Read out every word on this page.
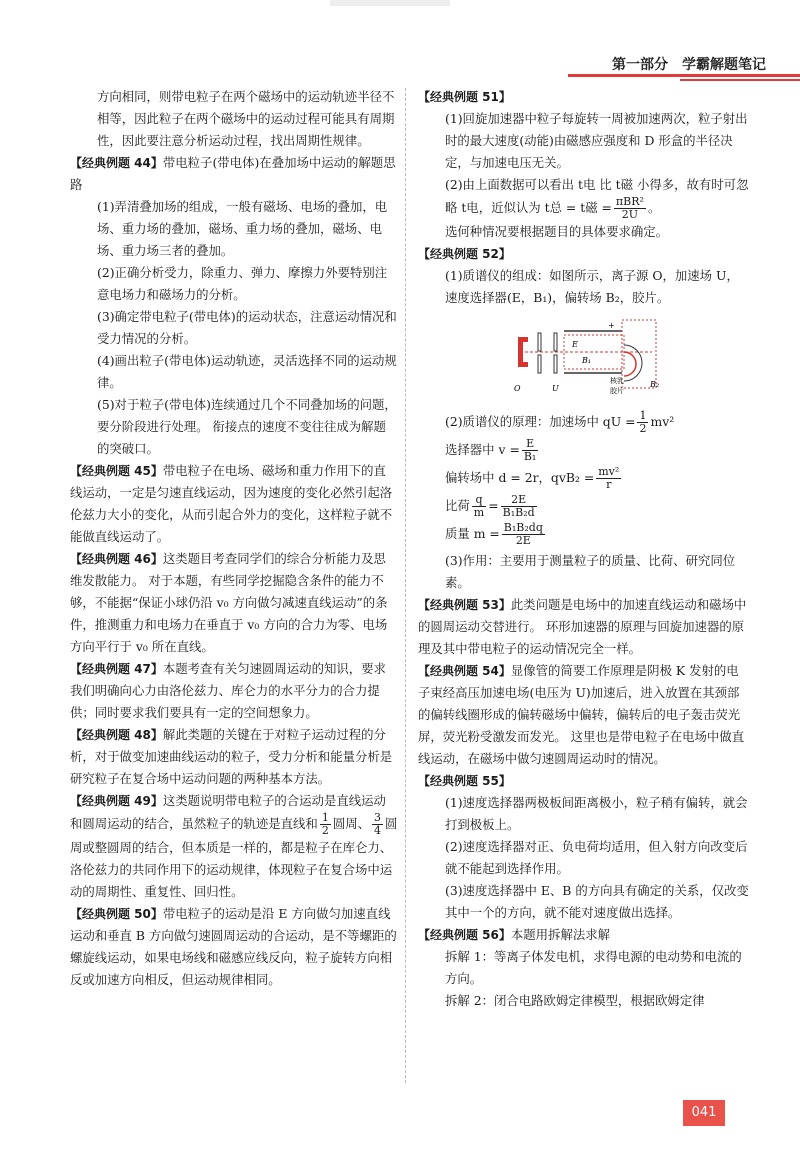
第一部分　学霸解题笔记

方向相同，则带电粒子在两个磁场中的运动轨迹半径不相等，因此粒子在两个磁场中的运动过程可能具有周期性，因此要注意分析运动过程，找出周期性规律。

【经典例题 44】带电粒子(带电体)在叠加场中运动的解题思路

(1)弄清叠加场的组成，一般有磁场、电场的叠加，电场、重力场的叠加，磁场、重力场的叠加，磁场、电场、重力场三者的叠加。

(2)正确分析受力，除重力、弹力、摩擦力外要特别注意电场力和磁场力的分析。

(3)确定带电粒子(带电体)的运动状态，注意运动情况和受力情况的分析。

(4)画出粒子(带电体)运动轨迹，灵活选择不同的运动规律。

(5)对于粒子(带电体)连续通过几个不同叠加场的问题，要分阶段进行处理。 衔接点的速度不变往往成为解题的突破口。

【经典例题 45】带电粒子在电场、磁场和重力作用下的直线运动，一定是匀速直线运动，因为速度的变化必然引起洛伦兹力大小的变化，从而引起合外力的变化，这样粒子就不能做直线运动了。

【经典例题 46】这类题目考查同学们的综合分析能力及思维发散能力。 对于本题，有些同学挖掘隐含条件的能力不够，不能据“保证小球仍沿 v₀ 方向做匀减速直线运动”的条件，推测重力和电场力在垂直于 v₀ 方向的合力为零、电场方向平行于 v₀ 所在直线。

【经典例题 47】本题考查有关匀速圆周运动的知识，要求我们明确向心力由洛伦兹力、库仑力的水平分力的合力提供；同时要求我们要具有一定的空间想象力。

【经典例题 48】解此类题的关键在于对粒子运动过程的分析，对于做变加速曲线运动的粒子，受力分析和能量分析是研究粒子在复合场中运动问题的两种基本方法。

【经典例题 49】这类题说明带电粒子的合运动是直线运动和圆周运动的结合，虽然粒子的轨迹是直线和 $\frac{1}{2}$ 圆周、 $\frac{3}{4}$ 圆周或整圆周的结合，但本质是一样的，都是粒子在库仑力、洛伦兹力的共同作用下的运动规律，体现粒子在复合场中运动的周期性、重复性、回归性。

【经典例题 50】带电粒子的运动是沿 E 方向做匀加速直线运动和垂直 B 方向做匀速圆周运动的合运动，是不等螺距的螺旋线运动，如果电场线和磁感应线反向，粒子旋转方向相反或加速方向相反，但运动规律相同。

【经典例题 51】

(1)回旋加速器中粒子每旋转一周被加速两次，粒子射出时的最大速度(动能)由磁感应强度和 D 形盒的半径决定，与加速电压无关。

(2)由上面数据可以看出 t电 比 t磁 小得多，故有时可忽略 t电，近似认为 t总 = t磁 = $\frac{\text{πBR²}}{2U}$ 。

选何种情况要根据题目的具体要求确定。

【经典例题 52】

(1)质谱仪的组成：如图所示，离子源 O，加速场 U，速度选择器(E，B₁)，偏转场 B₂，胶片。

+
E
B₁
B₂
O	U
核乳
胶片

(2)质谱仪的原理：加速场中 qU = $\frac{1}{2} mv^2$

选择器中 $v = \frac{E}{\text{B₁}}$

偏转场中 d = 2r，$qvB_2 = \frac{\text{mv²}}{r}$

比荷 $\frac{q}{m} = \frac{2E}{\text{B₁B₂d}}$

质量 $m = \frac{\text{B₁B₂dq}}{2E}$

(3)作用：主要用于测量粒子的质量、比荷、研究同位素。

【经典例题 53】此类问题是电场中的加速直线运动和磁场中的圆周运动交替进行。 环形加速器的原理与回旋加速器的原理及其中带电粒子的运动情况完全一样。

【经典例题 54】显像管的简要工作原理是阴极 K 发射的电子束经高压加速电场(电压为 U)加速后，进入放置在其颈部的偏转线圈形成的偏转磁场中偏转，偏转后的电子轰击荧光屏，荧光粉受激发而发光。 这里也是带电粒子在电场中做直线运动，在磁场中做匀速圆周运动时的情况。

【经典例题 55】

(1)速度选择器两极板间距离极小，粒子稍有偏转，就会打到极板上。

(2)速度选择器对正、负电荷均适用，但入射方向改变后就不能起到选择作用。

(3)速度选择器中 E、B 的方向具有确定的关系，仅改变其中一个的方向，就不能对速度做出选择。

【经典例题 56】本题用拆解法求解

拆解 1：等离子体发电机，求得电源的电动势和电流的方向。

拆解 2：闭合电路欧姆定律模型，根据欧姆定律

041
